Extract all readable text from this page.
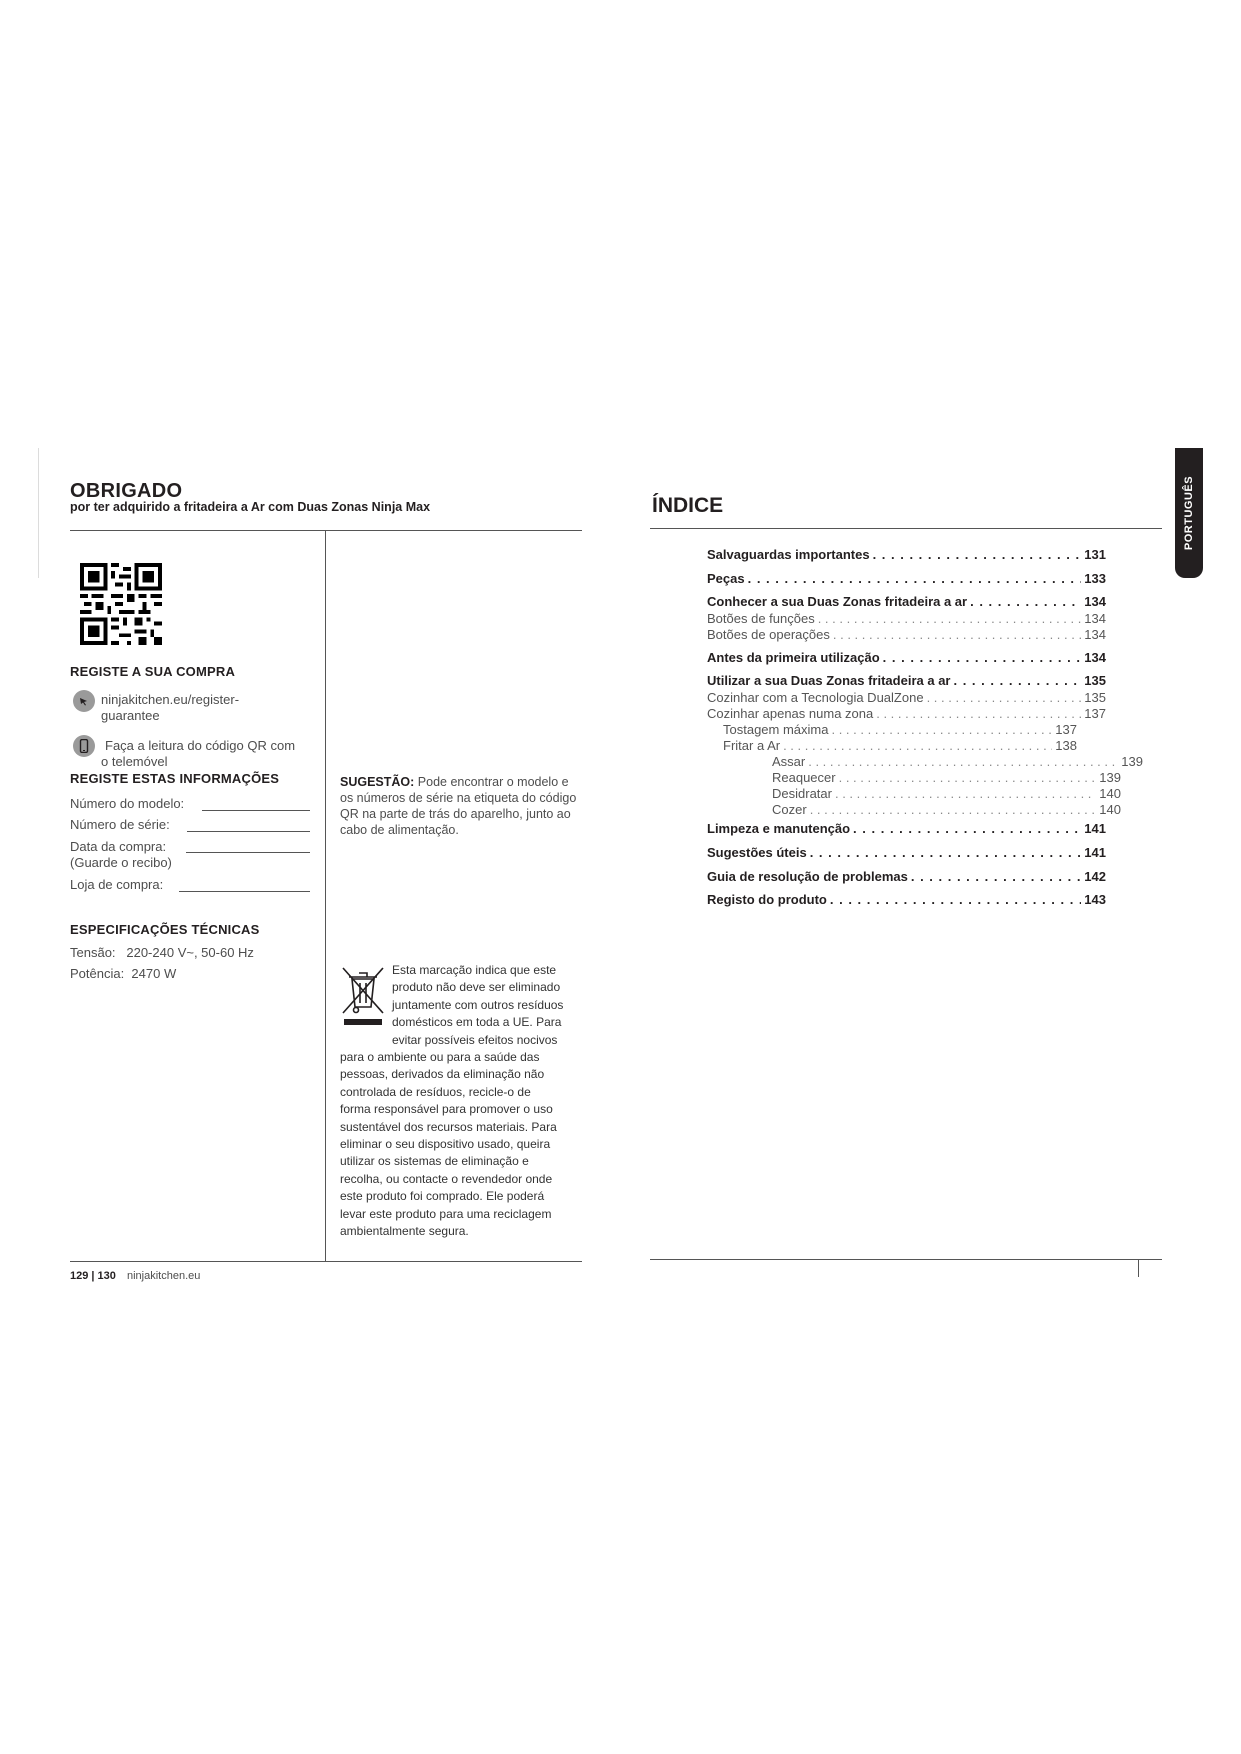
OBRIGADO
por ter adquirido a fritadeira a Ar com Duas Zonas Ninja Max
REGISTE A SUA COMPRA
ninjakitchen.eu/register-
guarantee
Faça a leitura do código QR com
o telemóvel
REGISTE ESTAS INFORMAÇÕES
Número do modelo:
Número de série:
Data da compra:
(Guarde o recibo)
Loja de compra:
ESPECIFICAÇÕES TÉCNICAS
Tensão:   220-240 V~, 50-60 Hz
Potência:  2470 W
SUGESTÃO: Pode encontrar o modelo e os números de série na etiqueta do código QR na parte de trás do aparelho, junto ao cabo de alimentação.
Esta marcação indica que este
produto não deve ser eliminado
juntamente com outros resíduos
domésticos em toda a UE. Para
evitar possíveis efeitos nocivos
para o ambiente ou para a saúde das
pessoas, derivados da eliminação não
controlada de resíduos, recicle-o de
forma responsável para promover o uso
sustentável dos recursos materiais. Para
eliminar o seu dispositivo usado, queira
utilizar os sistemas de eliminação e
recolha, ou contacte o revendedor onde
este produto foi comprado. Ele poderá
levar este produto para uma reciclagem
ambientalmente segura.
129 | 130 ninjakitchen.eu
ÍNDICE	PORTUGUÊS
Salvaguardas importantes . . .	131
Peças . . .	133
Conhecer a sua Duas Zonas fritadeira a ar . . .	134
Botões de funções . . .	134
Botões de operações . . .	134
Antes da primeira utilização . . .	134
Utilizar a sua Duas Zonas fritadeira a ar . . .	135
Cozinhar com a Tecnologia DualZone . . .	135
Cozinhar apenas numa zona . . .	137
Tostagem máxima . . .	137
Fritar a Ar . . .	138
Assar . . .	139
Reaquecer . . .	139
Desidratar . . .	140
Cozer . . .	140
Limpeza e manutenção . . .	141
Sugestões úteis . . .	141
Guia de resolução de problemas . . .	142
Registo do produto . . .	143
